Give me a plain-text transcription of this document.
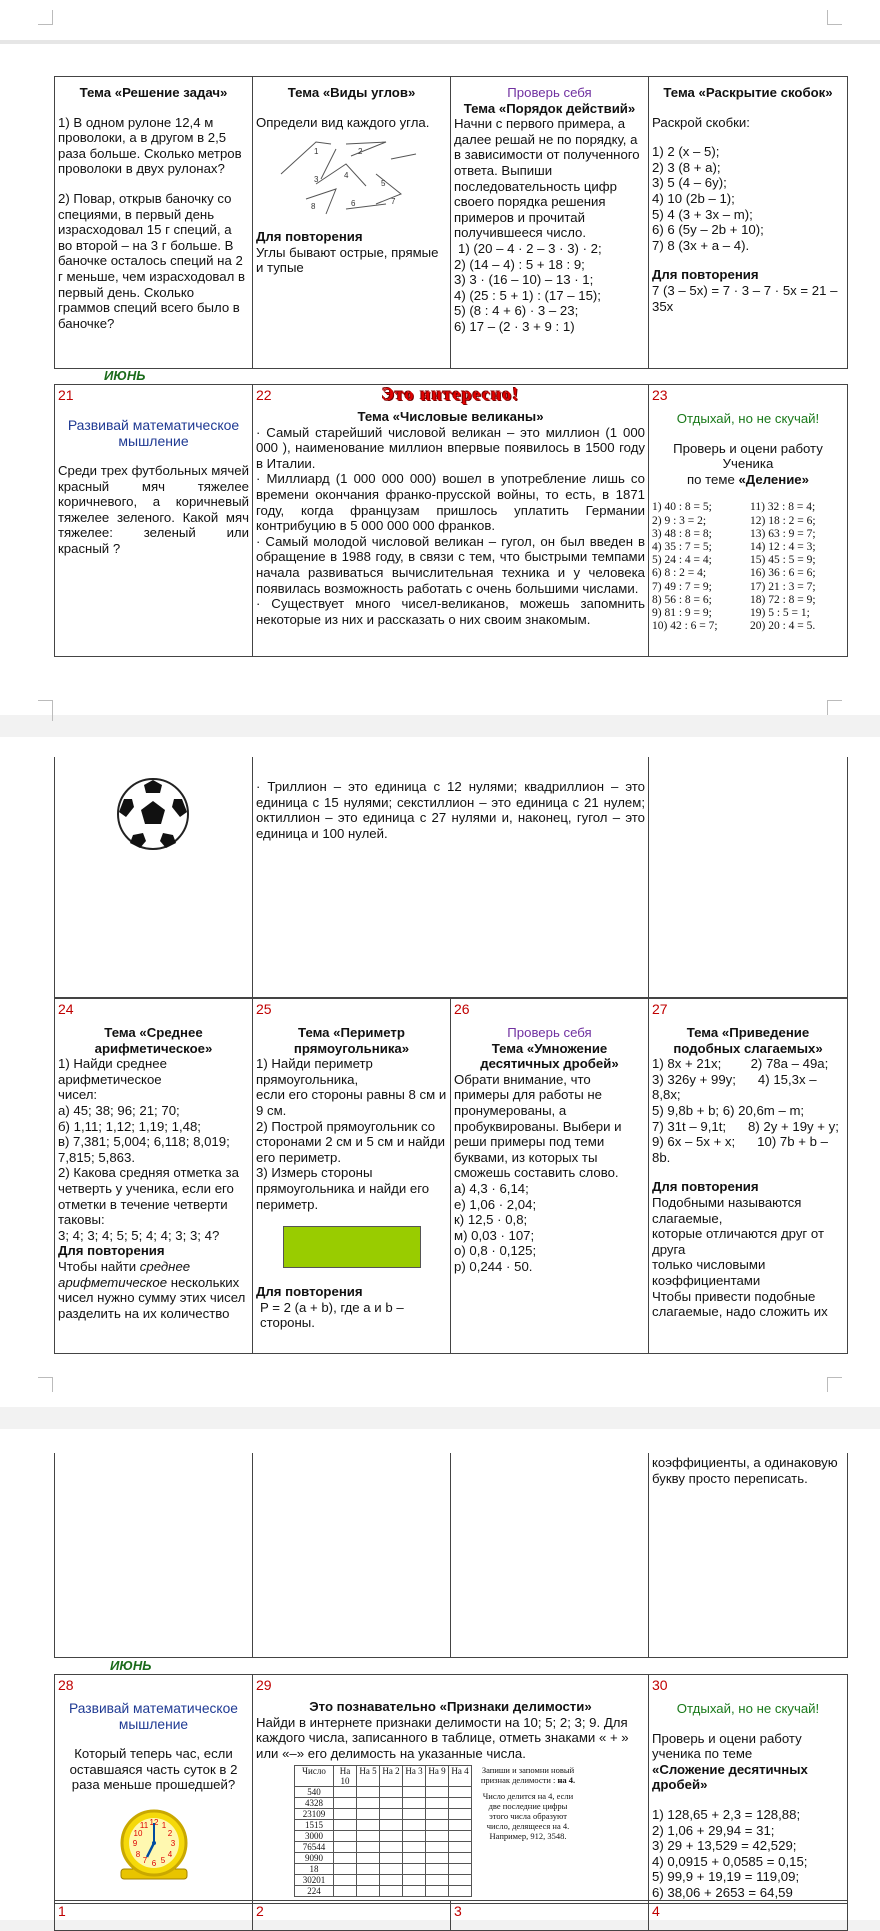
Тема «Решение задач»
1) В одном рулоне 12,4 м проволоки, а в другом в 2,5 раза больше. Сколько метров проволоки в двух рулонах?
2) Повар, открыв баночку со специями, в первый день израсходовал 15 г специй, а во второй – на 3 г больше. В баночке осталось специй на 2 г меньше, чем израсходовал в первый день. Сколько граммов специй всего было в баночке?

Тема «Виды углов»
Определи вид каждого угла.
1	2
3	4
5
6	7
8
Для повторения
Углы бывают острые, прямые и тупые

Проверь себя
Тема «Порядок действий»
Начни с первого примера, а далее решай не по порядку, а в зависимости от полученного ответа. Выпиши последовательность цифр своего порядка решения примеров и прочитай получившееся число.
1) (20 – 4 · 2 – 3 · 3) · 2;
2) (14 – 4) : 5 + 18 : 9;
3) 3 · (16 – 10) – 13 · 1;
4) (25 : 5 + 1) : (17 – 15);
5) (8 : 4 + 6) · 3 – 23;
6) 17 – (2 · 3 + 9 : 1)

Тема «Раскрытие скобок»
Раскрой скобки:
1) 2 (x – 5);
2) 3 (8 + a);
3) 5 (4 – 6y);
4) 10 (2b – 1);
5) 4 (3 + 3x – m);
6) 6 (5y – 2b + 10);
7) 8 (3x + a – 4).
Для повторения
7 (3 – 5x) = 7 · 3 – 7 · 5x = 21 – 35x
ИЮНЬ
21
Развивай математическое мышление
Среди трех футбольных мячей красный мяч тяжелее коричневого, а коричневый тяжелее зеленого. Какой мяч тяжелее: зеленый или красный ?

22	Это интересно!
Тема «Числовые великаны»
· Самый старейший числовой великан – это миллион (1 000 000 ), наименование миллион впервые появилось в 1500 году в Италии.
· Миллиард (1 000 000 000) вошел в употребление лишь со времени окончания франко-прусской войны, то есть, в 1871 году, когда французам пришлось уплатить Германии контрибуцию в 5 000 000 000 франков.
· Самый молодой числовой великан – гугол, он был введен в обращение в 1988 году, в связи с тем, что быстрыми темпами начала развиваться вычислительная техника и у человека появилась возможность работать с очень большими числами.
· Существует много чисел-великанов, можешь запомнить некоторые из них и рассказать о них своим знакомым.

23
Отдыхай, но не скучай!
Проверь и оцени работу Ученика
по теме «Деление»
1) 40 : 8 = 5;
2) 9 : 3 = 2;
3) 48 : 8 = 8;
4) 35 : 7 = 5;
5) 24 : 4 = 4;
6) 8 : 2 = 4;
7) 49 : 7 = 9;
8) 56 : 8 = 6;
9) 81 : 9 = 9;
10) 42 : 6 = 7;
11) 32 : 8 = 4;
12) 18 : 2 = 6;
13) 63 : 9 = 7;
14) 12 : 4 = 3;
15) 45 : 5 = 9;
16) 36 : 6 = 6;
17) 21 : 3 = 7;
18) 72 : 8 = 9;
19) 5 : 5 = 1;
20) 20 : 4 = 5.

· Триллион – это единица с 12 нулями; квадриллион – это единица с 15 нулями; секстиллион – это единица с 21 нулем; октиллион – это единица с 27 нулями и, наконец, гугол – это единица и 100 нулей.

24
Тема «Среднее арифметическое»
1) Найди среднее арифметическое
чисел:
а) 45; 38; 96; 21; 70;
б) 1,11; 1,12; 1,19; 1,48;
в) 7,381; 5,004; 6,118; 8,019; 7,815; 5,863.
2) Какова средняя отметка за четверть у ученика, если его отметки в течение четверти таковы:
3; 4; 3; 4; 5; 5; 4; 4; 3; 3; 4?
Для повторения
Чтобы найти среднее арифметическое нескольких чисел нужно сумму этих чисел разделить на их количество

25
Тема «Периметр прямоугольника»
1) Найди периметр прямоугольника,
если его стороны равны 8 см и 9 см.
2) Построй прямоугольник со сторонами 2 см и 5 см и найди его периметр.
3) Измерь стороны прямоугольника и найди его периметр.
Для повторения
P = 2 (a + b), где a и b – стороны.

26
Проверь себя
Тема «Умножение десятичных дробей»
Обрати внимание, что примеры для работы не пронумерованы, а пробуквированы. Выбери и реши примеры под теми буквами, из которых ты сможешь составить слово.
а) 4,3 · 6,14;
е) 1,06 · 2,04;
к) 12,5 · 0,8;
м) 0,03 · 107;
о) 0,8 · 0,125;
р) 0,244 · 50.

27
Тема «Приведение подобных слагаемых»
1) 8x + 21x;        2) 78a – 49a;
3) 326y + 99y;      4) 15,3x – 8,8x;
5) 9,8b + b; 6) 20,6m – m;
7) 31t – 9,1t;      8) 2y + 19y + y;
9) 6x – 5x + x;      10) 7b + b – 8b.
Для повторения
Подобными называются слагаемые,
которые отличаются друг от друга
только числовыми коэффициентами
Чтобы привести подобные слагаемые, надо сложить их

коэффициенты, а одинаковую букву просто переписать.
ИЮНЬ
28
Развивай математическое мышление
Который теперь час, если оставшаяся часть суток в 2 раза меньше прошедшей?
12
3
6
9
1
2
4
5
7
8
10
11

29
Это познавательно «Признаки делимости»
Найди в интернете признаки делимости на 10; 5; 2; 3; 9. Для каждого числа, записанного в таблице, отметь знаками « + » или «–» его делимость на указанные числа.
Число	На 10	На 5	На 2	На 3	На 9	На 4
540						
4328						
23109						
1515						
3000						
76544						
9090						
18						
30201						
224						
Запиши и запомни новый признак делимости : на 4.
Число делится на 4, если две последние цифры этого числа образуют число, делящееся на 4.
Например, 912, 3548.

30
Отдыхай, но не скучай!
Проверь и оцени работу ученика по теме
«Сложение десятичных дробей»
1) 128,65 + 2,3 = 128,88;
2) 1,06 + 29,94 = 31;
3) 29 + 13,529 = 42,529;
4) 0,0915 + 0,0585 = 0,15;
5) 99,9 + 19,19 = 119,09;
6) 38,06 + 2653 = 64,59
1	2	3	4
